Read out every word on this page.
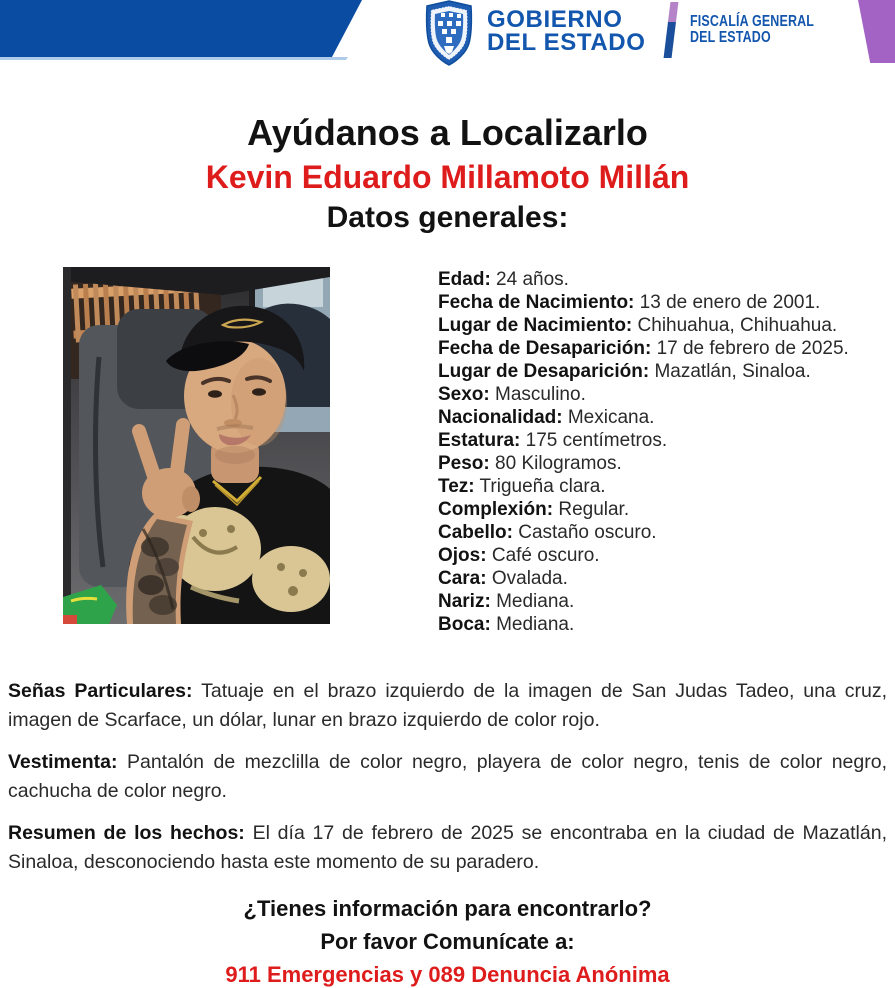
GOBIERNO
DEL ESTADO
FISCALÍA GENERAL
DEL ESTADO
Ayúdanos a Localizarlo
Kevin Eduardo Millamoto Millán
Datos generales:
Edad: 24 años.
Fecha de Nacimiento: 13 de enero de 2001.
Lugar de Nacimiento: Chihuahua, Chihuahua.
Fecha de Desaparición: 17 de febrero de 2025.
Lugar de Desaparición: Mazatlán, Sinaloa.
Sexo: Masculino.
Nacionalidad: Mexicana.
Estatura: 175 centímetros.
Peso: 80 Kilogramos.
Tez: Trigueña clara.
Complexión: Regular.
Cabello: Castaño oscuro.
Ojos: Café oscuro.
Cara: Ovalada.
Nariz: Mediana.
Boca: Mediana.
Señas Particulares: Tatuaje en el brazo izquierdo de la imagen de San Judas Tadeo, una cruz, imagen de Scarface, un dólar, lunar en brazo izquierdo de color rojo.
Vestimenta: Pantalón de mezclilla de color negro, playera de color negro, tenis de color negro, cachucha de color negro.
Resumen de los hechos: El día 17 de febrero de 2025 se encontraba en la ciudad de Mazatlán, Sinaloa, desconociendo hasta este momento de su paradero.

¿Tienes información para encontrarlo?

Por favor Comunícate a:

911 Emergencias y 089 Denuncia Anónima
